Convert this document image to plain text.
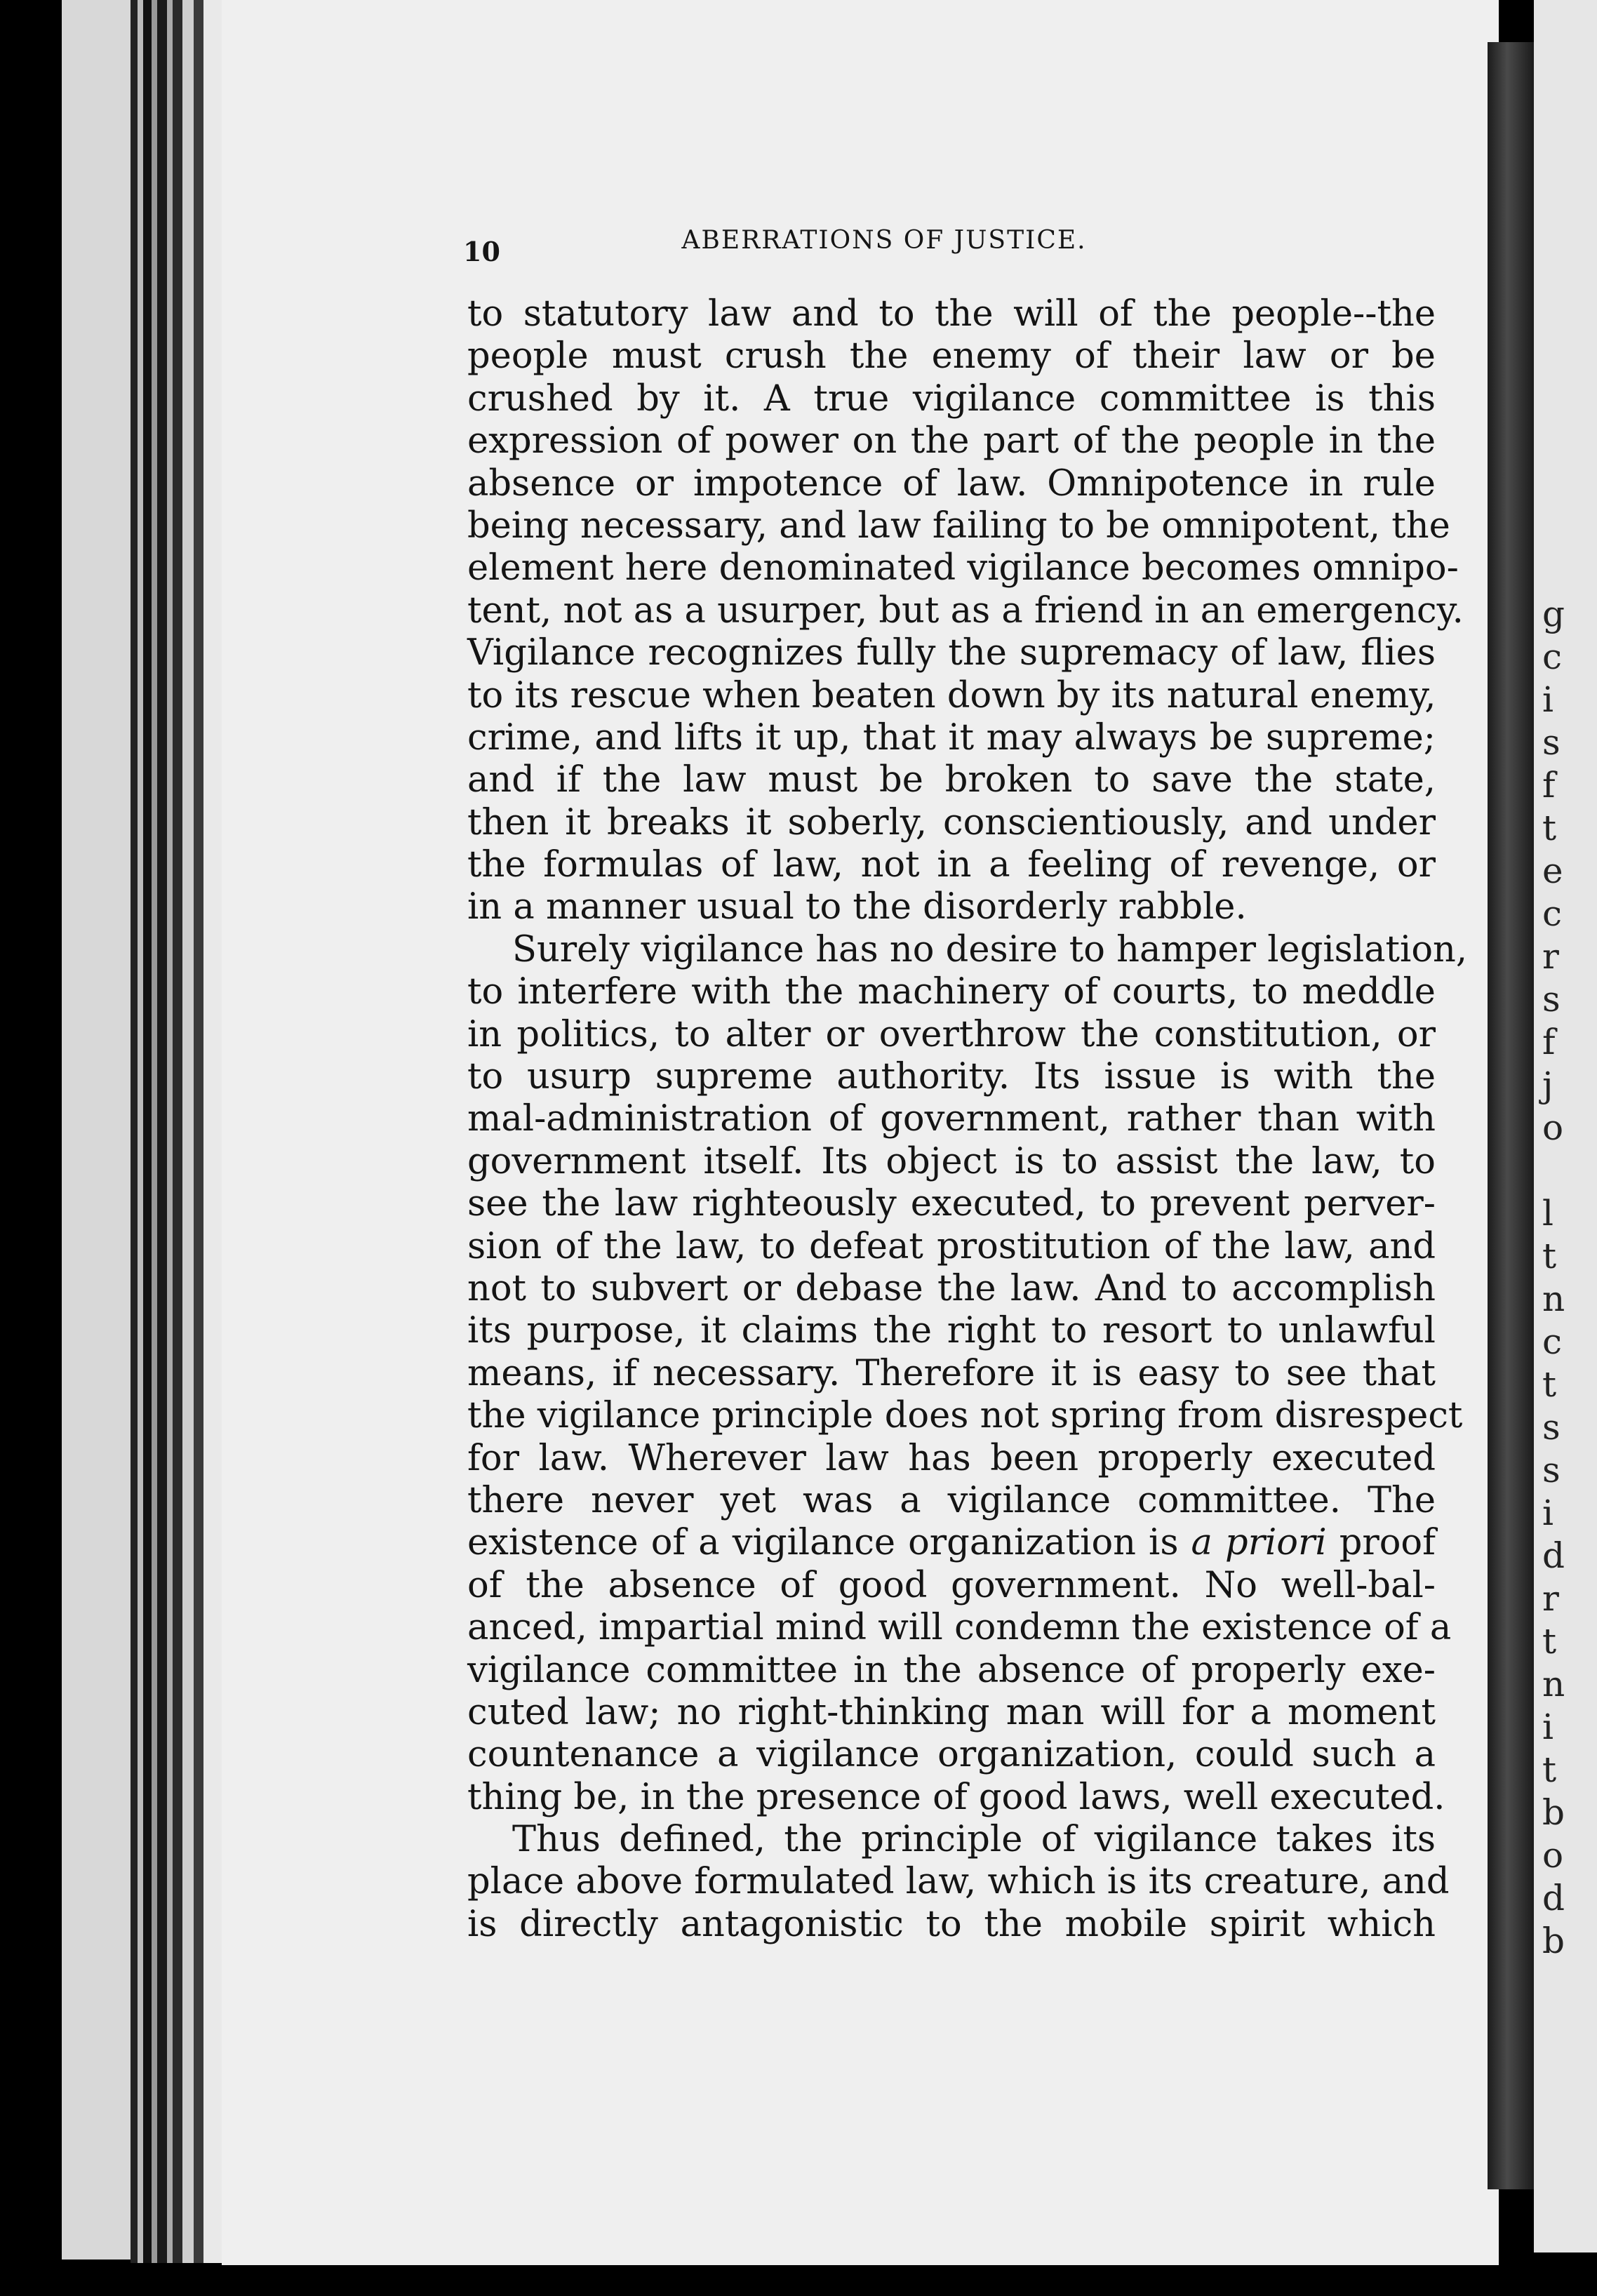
g
c
i
s
f
t
e
c
r
s
f
j
o
l
t
n
c
t
s
s
i
d
r
t
n
i
t
b
o
d
b
10	ABERRATIONS OF JUSTICE.
to statutory law and to the will of the people--the
people must crush the enemy of their law or be
crushed by it. A true vigilance committee is this
expression of power on the part of the people in the
absence or impotence of law. Omnipotence in rule
being necessary, and law failing to be omnipotent, the
element here denominated vigilance becomes omnipo-
tent, not as a usurper, but as a friend in an emergency.
Vigilance recognizes fully the supremacy of law, flies
to its rescue when beaten down by its natural enemy,
crime, and lifts it up, that it may always be supreme;
and if the law must be broken to save the state,
then it breaks it soberly, conscientiously, and under
the formulas of law, not in a feeling of revenge, or
in a manner usual to the disorderly rabble.
Surely vigilance has no desire to hamper legislation,
to interfere with the machinery of courts, to meddle
in politics, to alter or overthrow the constitution, or
to usurp supreme authority. Its issue is with the
mal-administration of government, rather than with
government itself. Its object is to assist the law, to
see the law righteously executed, to prevent perver-
sion of the law, to defeat prostitution of the law, and
not to subvert or debase the law. And to accomplish
its purpose, it claims the right to resort to unlawful
means, if necessary. Therefore it is easy to see that
the vigilance principle does not spring from disrespect
for law. Wherever law has been properly executed
there never yet was a vigilance committee. The
existence of a vigilance organization is a priori proof
of the absence of good government. No well-bal-
anced, impartial mind will condemn the existence of a
vigilance committee in the absence of properly exe-
cuted law; no right-thinking man will for a moment
countenance a vigilance organization, could such a
thing be, in the presence of good laws, well executed.
Thus defined, the principle of vigilance takes its
place above formulated law, which is its creature, and
is directly antagonistic to the mobile spirit which
